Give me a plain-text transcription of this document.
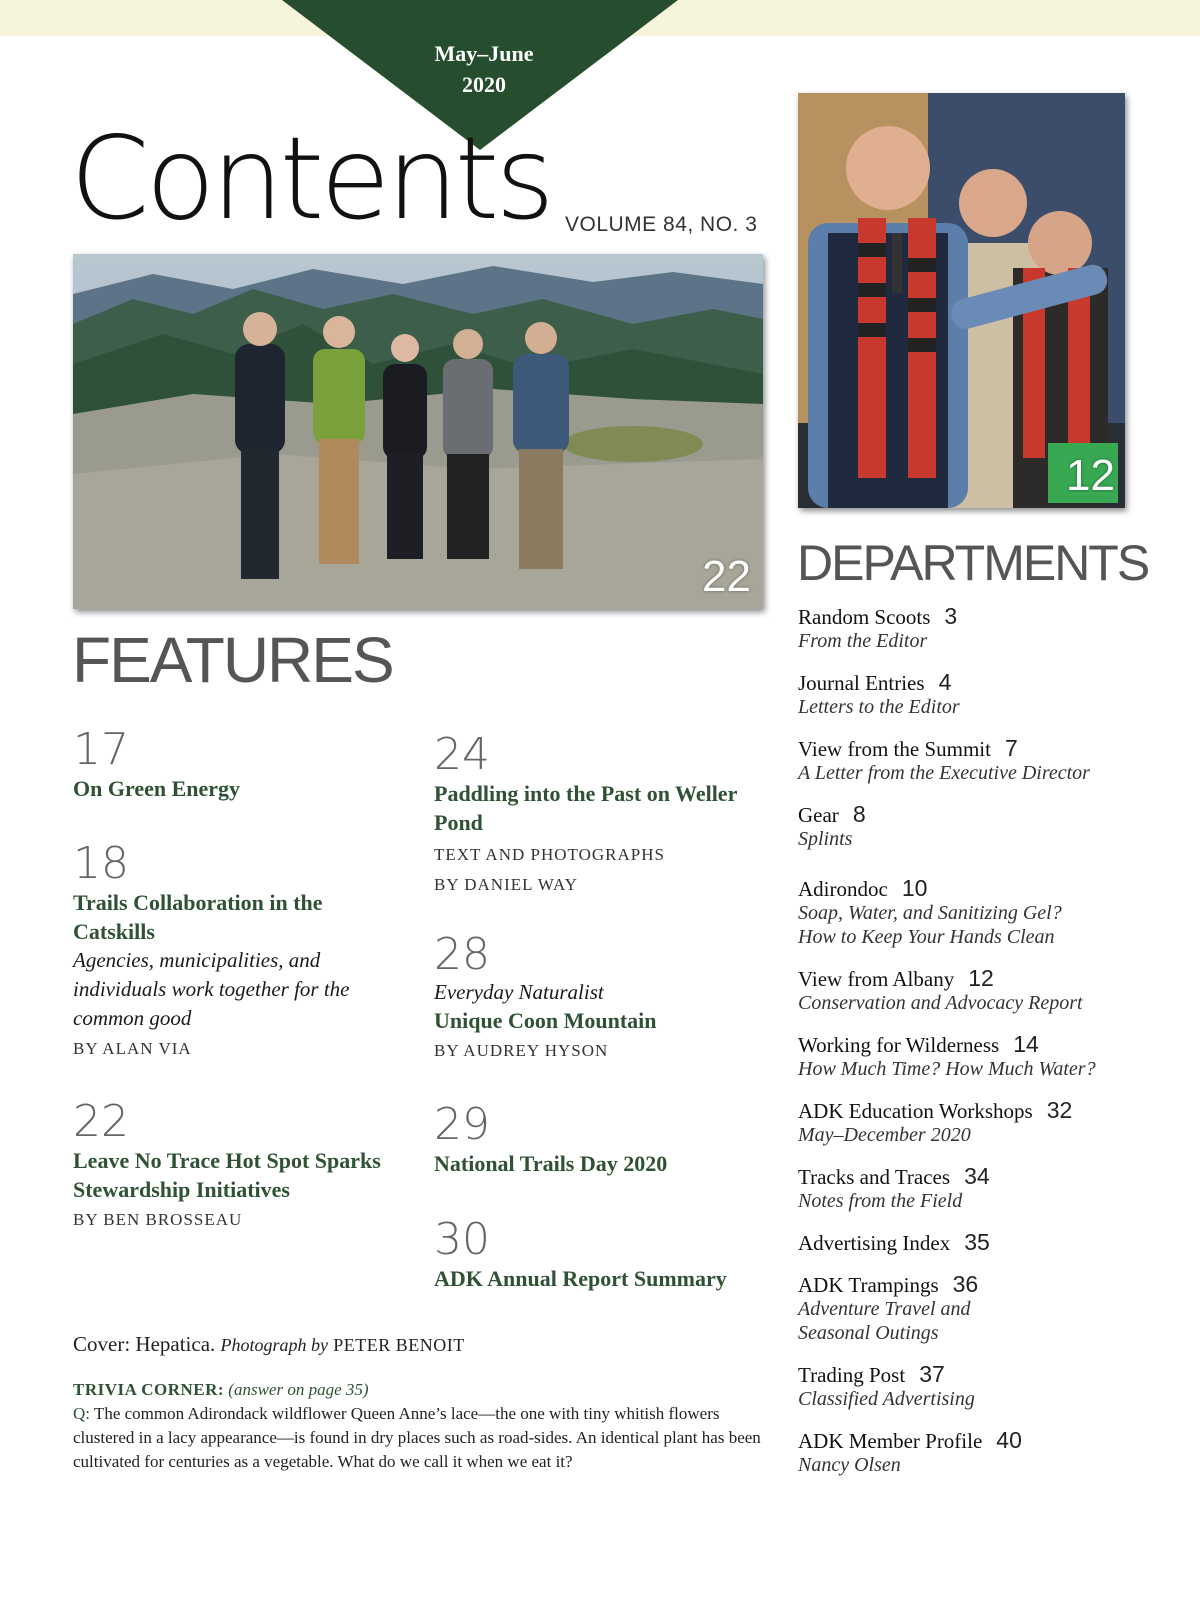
May–June
2020
Contents VOLUME 84, NO. 3
22
12
FEATURES
DEPARTMENTS
17
On Green Energy
18
Trails Collaboration in the Catskills
Agencies, municipalities, and individuals work together for the common good
BY ALAN VIA
22
Leave No Trace Hot Spot Sparks Stewardship Initiatives
BY BEN BROSSEAU
24
Paddling into the Past on Weller Pond
TEXT AND PHOTOGRAPHS
BY DANIEL WAY
28
Everyday Naturalist
Unique Coon Mountain
BY AUDREY HYSON
29
National Trails Day 2020
30
ADK Annual Report Summary
Random Scoots 3
From the Editor
Journal Entries 4
Letters to the Editor
View from the Summit 7
A Letter from the Executive Director
Gear 8
Splints
Adirondoc 10
Soap, Water, and Sanitizing Gel?
How to Keep Your Hands Clean
View from Albany 12
Conservation and Advocacy Report
Working for Wilderness 14
How Much Time? How Much Water?
ADK Education Workshops 32
May–December 2020
Tracks and Traces 34
Notes from the Field
Advertising Index 35
ADK Trampings 36
Adventure Travel and
Seasonal Outings
Trading Post 37
Classified Advertising
ADK Member Profile 40
Nancy Olsen
Cover: Hepatica. Photograph by PETER BENOIT
TRIVIA CORNER: (answer on page 35)
Q: The common Adirondack wildflower Queen Anne’s lace—the one with tiny whitish flowers clustered in a lacy appearance—is found in dry places such as road-sides. An identical plant has been cultivated for centuries as a vegetable. What do we call it when we eat it?
